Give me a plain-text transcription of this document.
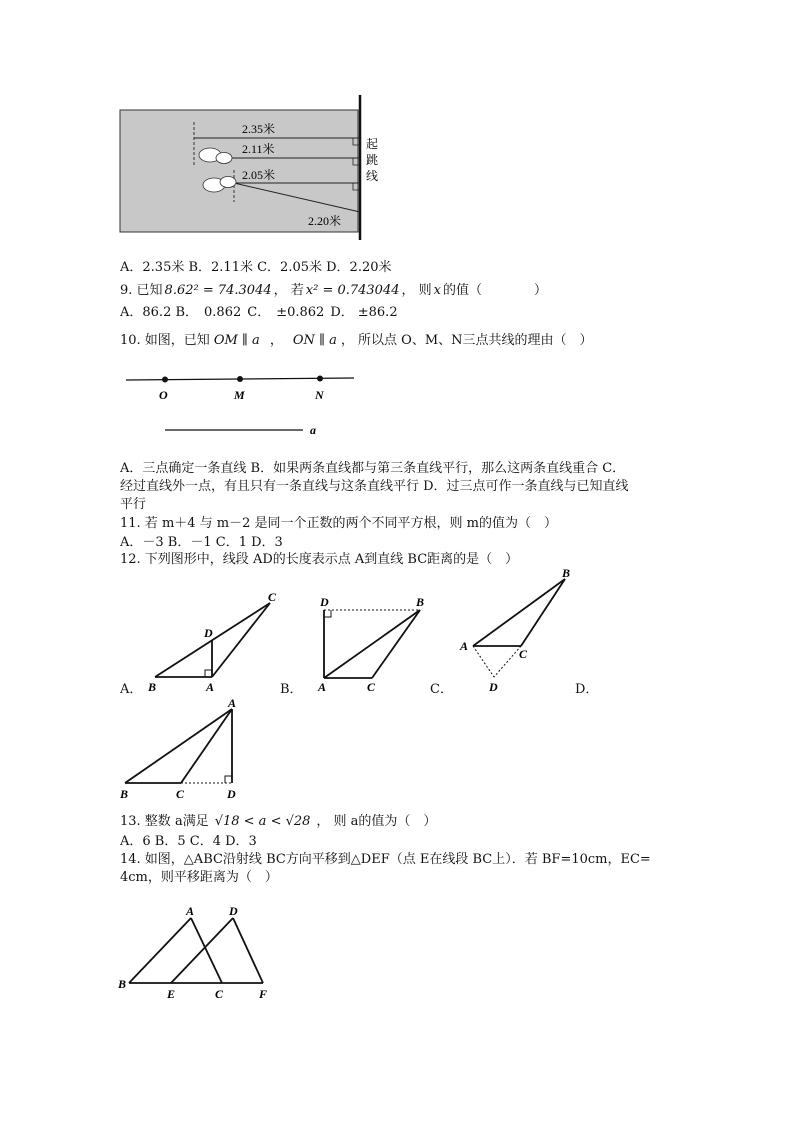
2.35米
2.11米
2.05米
2.20米
起
跳
线
A．2.35米 B．2.11米 C．2.05米 D．2.20米
9. 已知 8.62² = 74.3044 ， 若 x² = 0.743044 ， 则 x 的值（　　　　）
A．86.2 B． 0.862 C． ±0.862 D． ±86.2
10. 如图，已知 OM ∥ a ， ON ∥ a ， 所以点 O、M、N三点共线的理由（　）
O	M	N
a
A．三点确定一条直线 B．如果两条直线都与第三条直线平行，那么这两条直线重合 C．
经过直线外一点，有且只有一条直线与这条直线平行 D．过三点可作一条直线与已知直线
平行
11. 若 m＋4 与 m－2 是同一个正数的两个不同平方根，则 m的值为（　）
A．－3 B．－1 C．1 D．3
12. 下列图形中，线段 AD的长度表示点 A到直线 BC距离的是（　）
B	A
C
D
A．
D	B
A	C
B．
B
A
C
D
C．	D．
A
B	C	D
13. 整数 a满足 √18 < a < √28 ， 则 a的值为（　）
A．6 B．5 C．4 D．3
14. 如图，△ABC沿射线 BC方向平移到△DEF（点 E在线段 BC上）．若 BF=10cm，EC=
4cm，则平移距离为（　）
A	D
B
E	C	F
